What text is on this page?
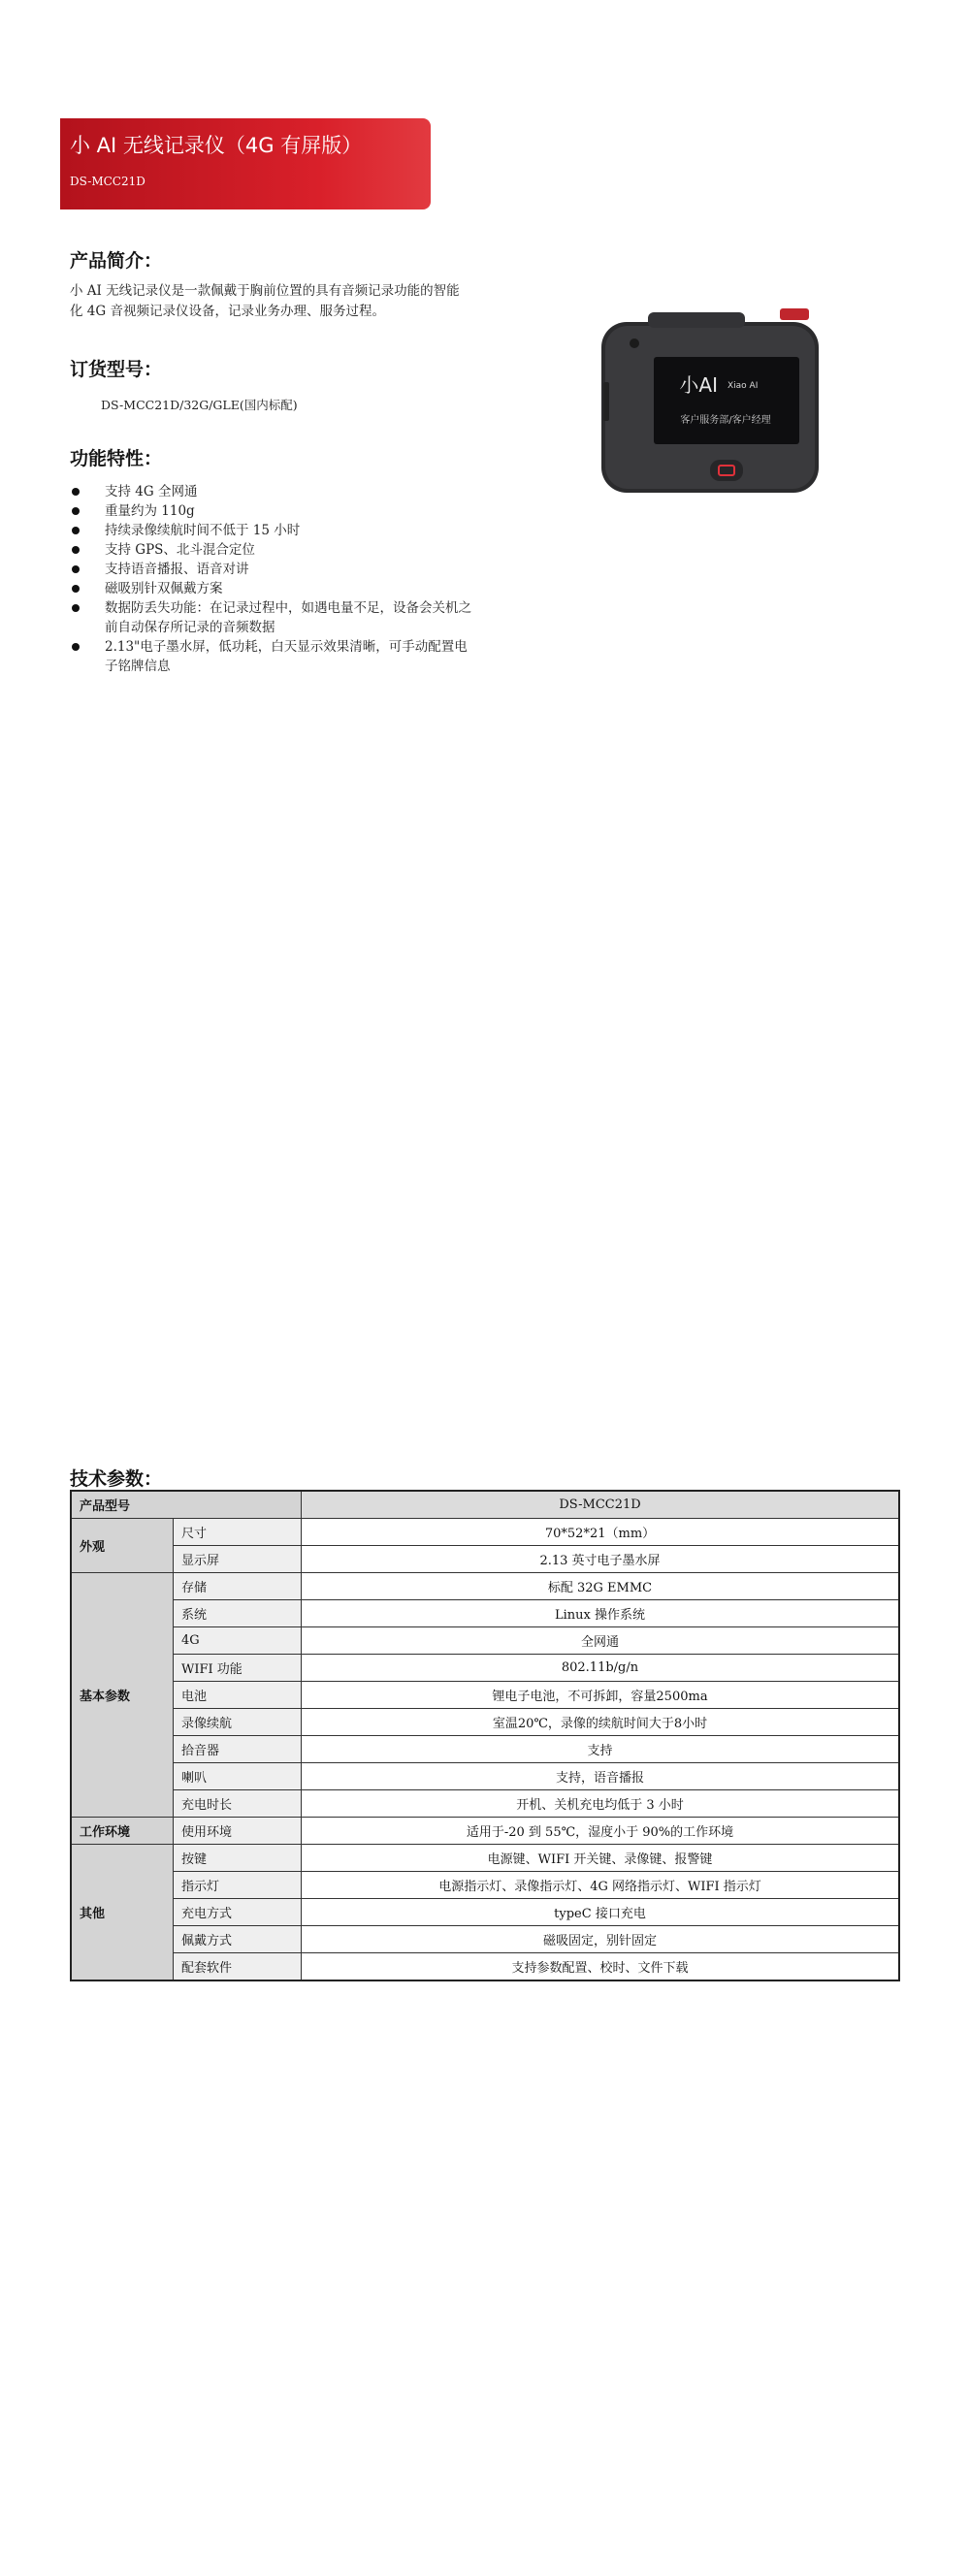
小 AI 无线记录仪（4G 有屏版）
DS-MCC21D
产品简介：
小 AI 无线记录仪是一款佩戴于胸前位置的具有音频记录功能的智能化 4G 音视频记录仪设备，记录业务办理、服务过程。
订货型号：
DS-MCC21D/32G/GLE(国内标配)
功能特性：
支持 4G 全网通
重量约为 110g
持续录像续航时间不低于 15 小时
支持 GPS、北斗混合定位
支持语音播报、语音对讲
磁吸别针双佩戴方案
数据防丢失功能：在记录过程中，如遇电量不足，设备会关机之前自动保存所记录的音频数据
2.13"电子墨水屏，低功耗，白天显示效果清晰，可手动配置电子铭牌信息
小AI Xiao AI
客户服务部/客户经理
技术参数：
产品型号		DS-MCC21D
外观	尺寸	70*52*21（mm）
	显示屏	2.13 英寸电子墨水屏
基本参数	存储	标配 32G EMMC
	系统	Linux 操作系统
	4G	全网通
	WIFI 功能	802.11b/g/n
	电池	锂电子电池，不可拆卸，容量2500ma
	录像续航	室温20℃，录像的续航时间大于8小时
	拾音器	支持
	喇叭	支持，语音播报
	充电时长	开机、关机充电均低于 3 小时
工作环境	使用环境	适用于-20 到 55℃，湿度小于 90%的工作环境
其他	按键	电源键、WIFI 开关键、录像键、报警键
	指示灯	电源指示灯、录像指示灯、4G 网络指示灯、WIFI 指示灯
	充电方式	typeC 接口充电
	佩戴方式	磁吸固定，别针固定
	配套软件	支持参数配置、校时、文件下载
